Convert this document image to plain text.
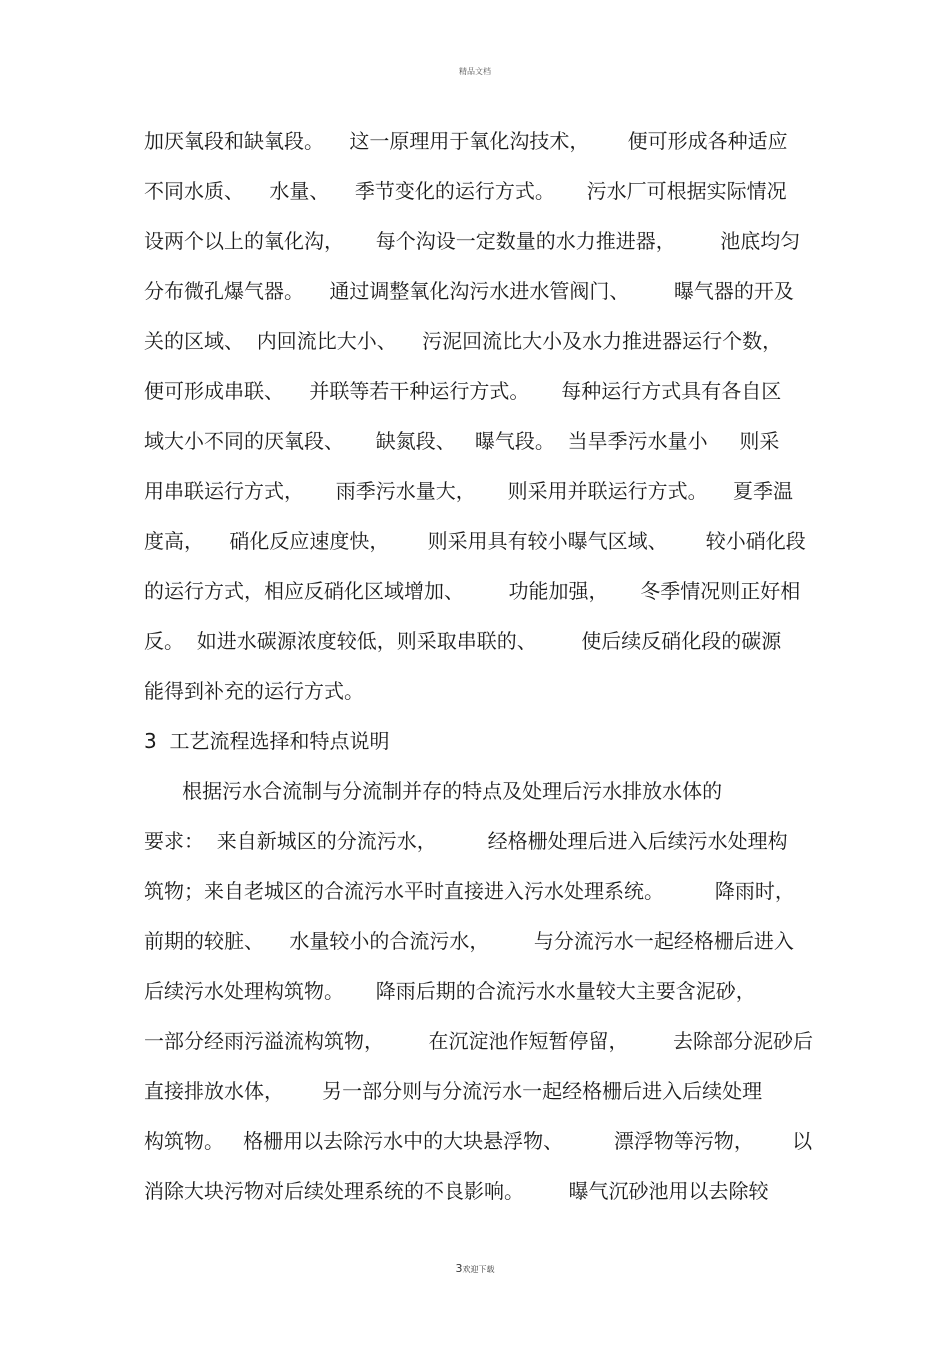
精品文档
加厌氧段和缺氧段。    这一原理用于氧化沟技术，      便可形成各种适应
不同水质、    水量、    季节变化的运行方式。     污水厂可根据实际情况
设两个以上的氧化沟，     每个沟设一定数量的水力推进器，       池底均匀
分布微孔爆气器。    通过调整氧化沟污水进水管阀门、       曝气器的开及
关的区域、  内回流比大小、    污泥回流比大小及水力推进器运行个数，
便可形成串联、    并联等若干种运行方式。     每种运行方式具有各自区
域大小不同的厌氧段、     缺氮段、   曝气段。  当旱季污水量小     则采
用串联运行方式，     雨季污水量大，     则采用并联运行方式。    夏季温
度高，    硝化反应速度快，      则采用具有较小曝气区域、      较小硝化段
的运行方式，相应反硝化区域增加、       功能加强，     冬季情况则正好相
反。  如进水碳源浓度较低，则采取串联的、       使后续反硝化段的碳源
能得到补充的运行方式。
3  工艺流程选择和特点说明
根据污水合流制与分流制并存的特点及处理后污水排放水体的
要求：  来自新城区的分流污水，        经格栅处理后进入后续污水处理构
筑物；来自老城区的合流污水平时直接进入污水处理系统。        降雨时，
前期的较脏、    水量较小的合流污水，       与分流污水一起经格栅后进入
后续污水处理构筑物。     降雨后期的合流污水水量较大主要含泥砂，
一部分经雨污溢流构筑物，       在沉淀池作短暂停留，       去除部分泥砂后
直接排放水体，      另一部分则与分流污水一起经格栅后进入后续处理
构筑物。   格栅用以去除污水中的大块悬浮物、        漂浮物等污物，      以
消除大块污物对后续处理系统的不良影响。       曝气沉砂池用以去除较
3欢迎下载
